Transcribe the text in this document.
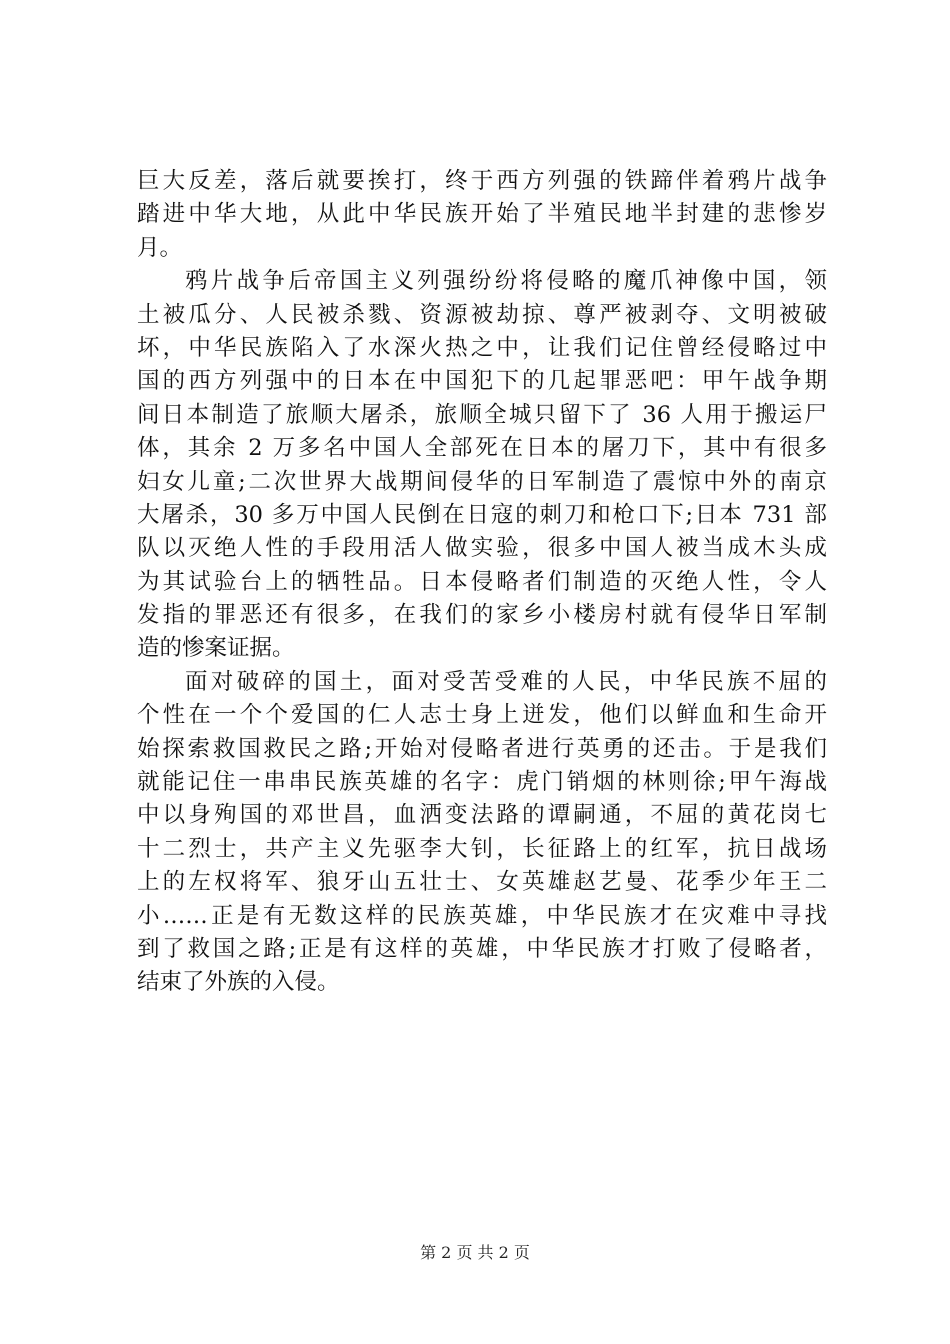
巨大反差，落后就要挨打，终于西方列强的铁蹄伴着鸦片战争
踏进中华大地，从此中华民族开始了半殖民地半封建的悲惨岁
月。
鸦片战争后帝国主义列强纷纷将侵略的魔爪神像中国，领
土被瓜分、人民被杀戮、资源被劫掠、尊严被剥夺、文明被破
坏，中华民族陷入了水深火热之中，让我们记住曾经侵略过中
国的西方列强中的日本在中国犯下的几起罪恶吧：甲午战争期
间日本制造了旅顺大屠杀，旅顺全城只留下了 36 人用于搬运尸
体，其余 2 万多名中国人全部死在日本的屠刀下，其中有很多
妇女儿童;二次世界大战期间侵华的日军制造了震惊中外的南京
大屠杀，30 多万中国人民倒在日寇的刺刀和枪口下;日本 731 部
队以灭绝人性的手段用活人做实验，很多中国人被当成木头成
为其试验台上的牺牲品。日本侵略者们制造的灭绝人性，令人
发指的罪恶还有很多，在我们的家乡小楼房村就有侵华日军制
造的惨案证据。
面对破碎的国土，面对受苦受难的人民，中华民族不屈的
个性在一个个爱国的仁人志士身上迸发，他们以鲜血和生命开
始探索救国救民之路;开始对侵略者进行英勇的还击。于是我们
就能记住一串串民族英雄的名字：虎门销烟的林则徐;甲午海战
中以身殉国的邓世昌，血洒变法路的谭嗣通，不屈的黄花岗七
十二烈士，共产主义先驱李大钊，长征路上的红军，抗日战场
上的左权将军、狼牙山五壮士、女英雄赵艺曼、花季少年王二
小……正是有无数这样的民族英雄，中华民族才在灾难中寻找
到了救国之路;正是有这样的英雄，中华民族才打败了侵略者，
结束了外族的入侵。
第 2 页 共 2 页
